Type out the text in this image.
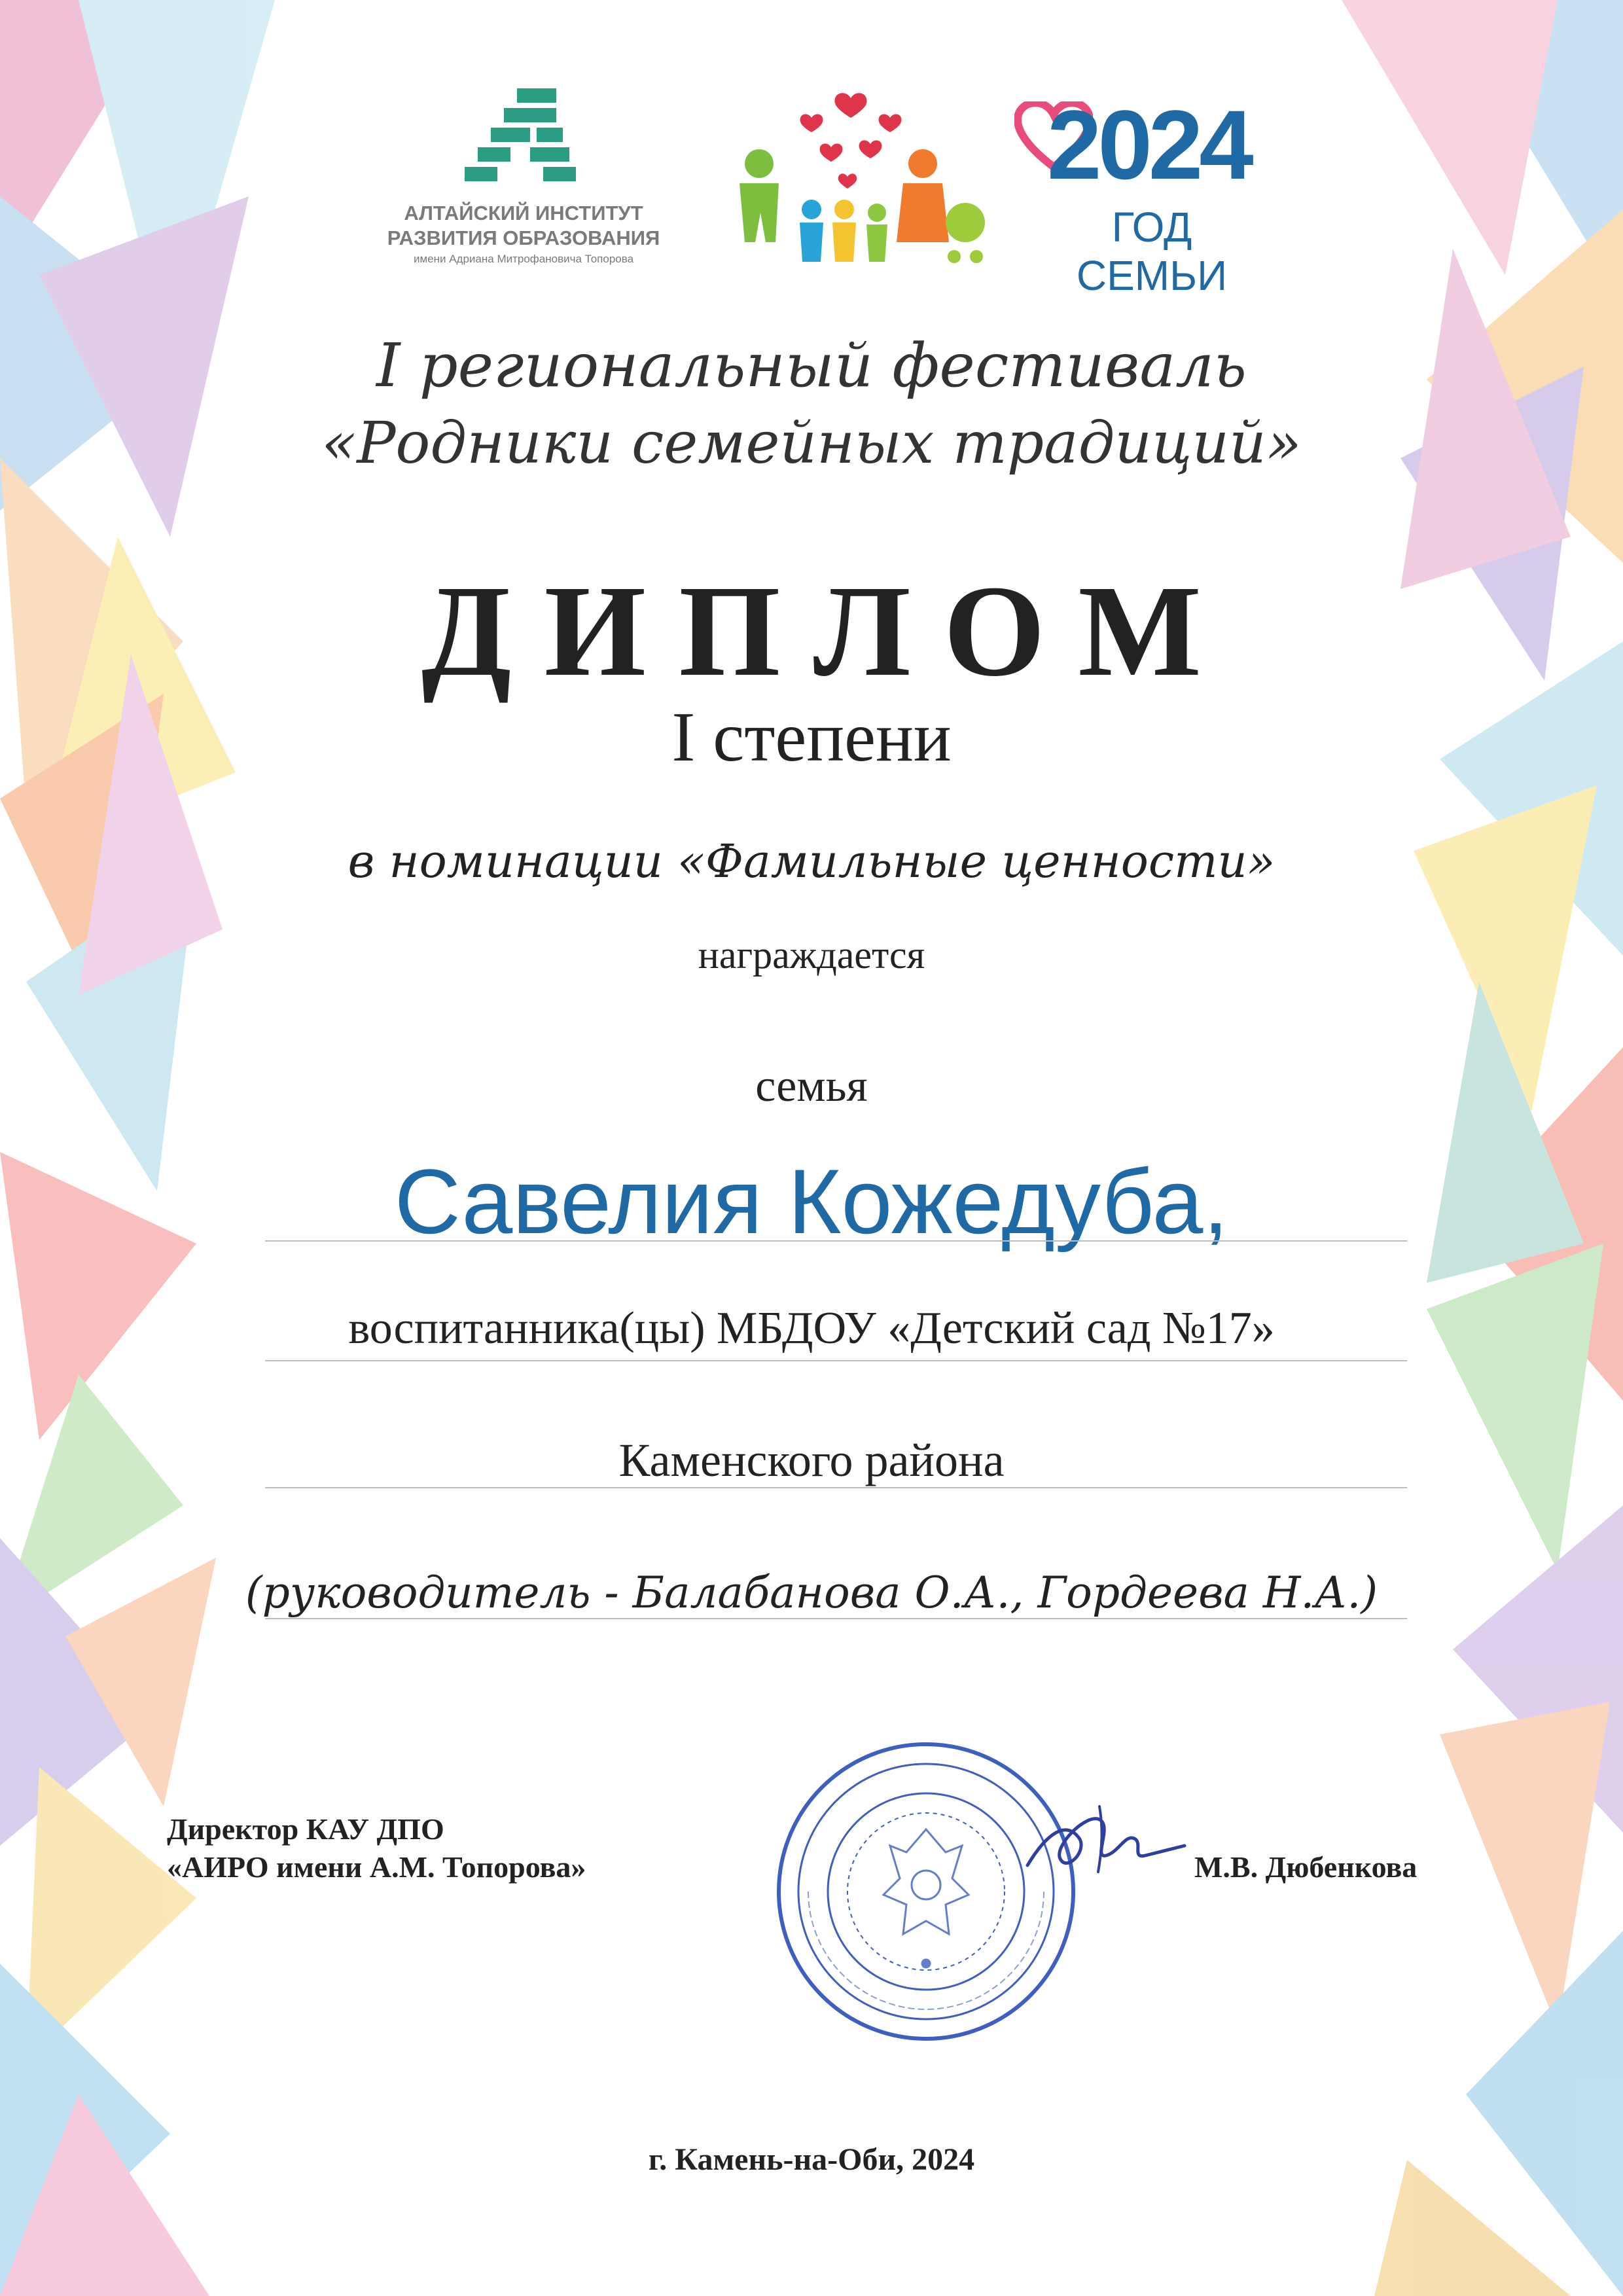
АЛТАЙСКИЙ ИНСТИТУТ
РАЗВИТИЯ ОБРАЗОВАНИЯ
имени Адриана Митрофановича Топорова
2024
ГОД СЕМЬИ
I региональный фестиваль
«Родники семейных традиций»
Д И П Л О М
I степени
в номинации «Фамильные ценности»
награждается
семья
Савелия Кожедуба,
воспитанника(цы) МБДОУ «Детский сад №17»
Каменского района
(руководитель - Балабанова О.А., Гордеева Н.А.)
Директор КАУ ДПО
«АИРО имени А.М. Топорова»	М.В. Дюбенкова
г. Камень-на-Оби, 2024
